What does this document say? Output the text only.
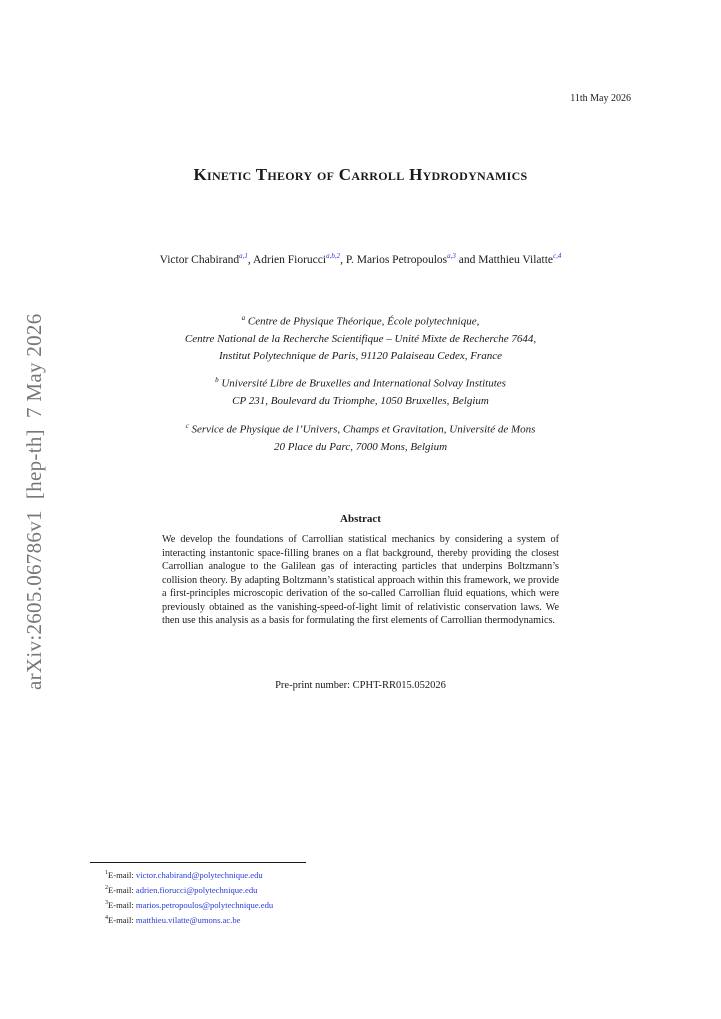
11th May 2026
Kinetic Theory of Carroll Hydrodynamics
Victor Chabirand$^{a,1}$, Adrien Fiorucci$^{a,b,2}$, P. Marios Petropoulos$^{a,3}$ and Matthieu Vilatte$^{c,4}$
$^a$ Centre de Physique Théorique, École polytechnique,
Centre National de la Recherche Scientifique – Unité Mixte de Recherche 7644,
Institut Polytechnique de Paris, 91120 Palaiseau Cedex, France
$^b$ Université Libre de Bruxelles and International Solvay Institutes
CP 231, Boulevard du Triomphe, 1050 Bruxelles, Belgium
$^c$ Service de Physique de l’Univers, Champs et Gravitation, Université de Mons
20 Place du Parc, 7000 Mons, Belgium
arXiv:2605.06786v1  [hep-th]  7 May 2026	Abstract
We develop the foundations of Carrollian statistical mechanics by considering a system of interacting instantonic space-filling branes on a flat background, thereby providing the closest Carrollian analogue to the Galilean gas of interacting particles that underpins Boltzmann’s collision theory. By adapting Boltzmann’s statistical approach within this framework, we provide a first-principles microscopic derivation of the so-called Carrollian fluid equations, which were previously obtained as the vanishing-speed-of-light limit of relativistic conservation laws. We then use this analysis as a basis for formulating the first elements of Carrollian thermodynamics.
Pre-print number: CPHT-RR015.052026
$^1$E-mail: victor.chabirand@polytechnique.edu
$^2$E-mail: adrien.fiorucci@polytechnique.edu
$^3$E-mail: marios.petropoulos@polytechnique.edu
$^4$E-mail: matthieu.vilatte@umons.ac.be
